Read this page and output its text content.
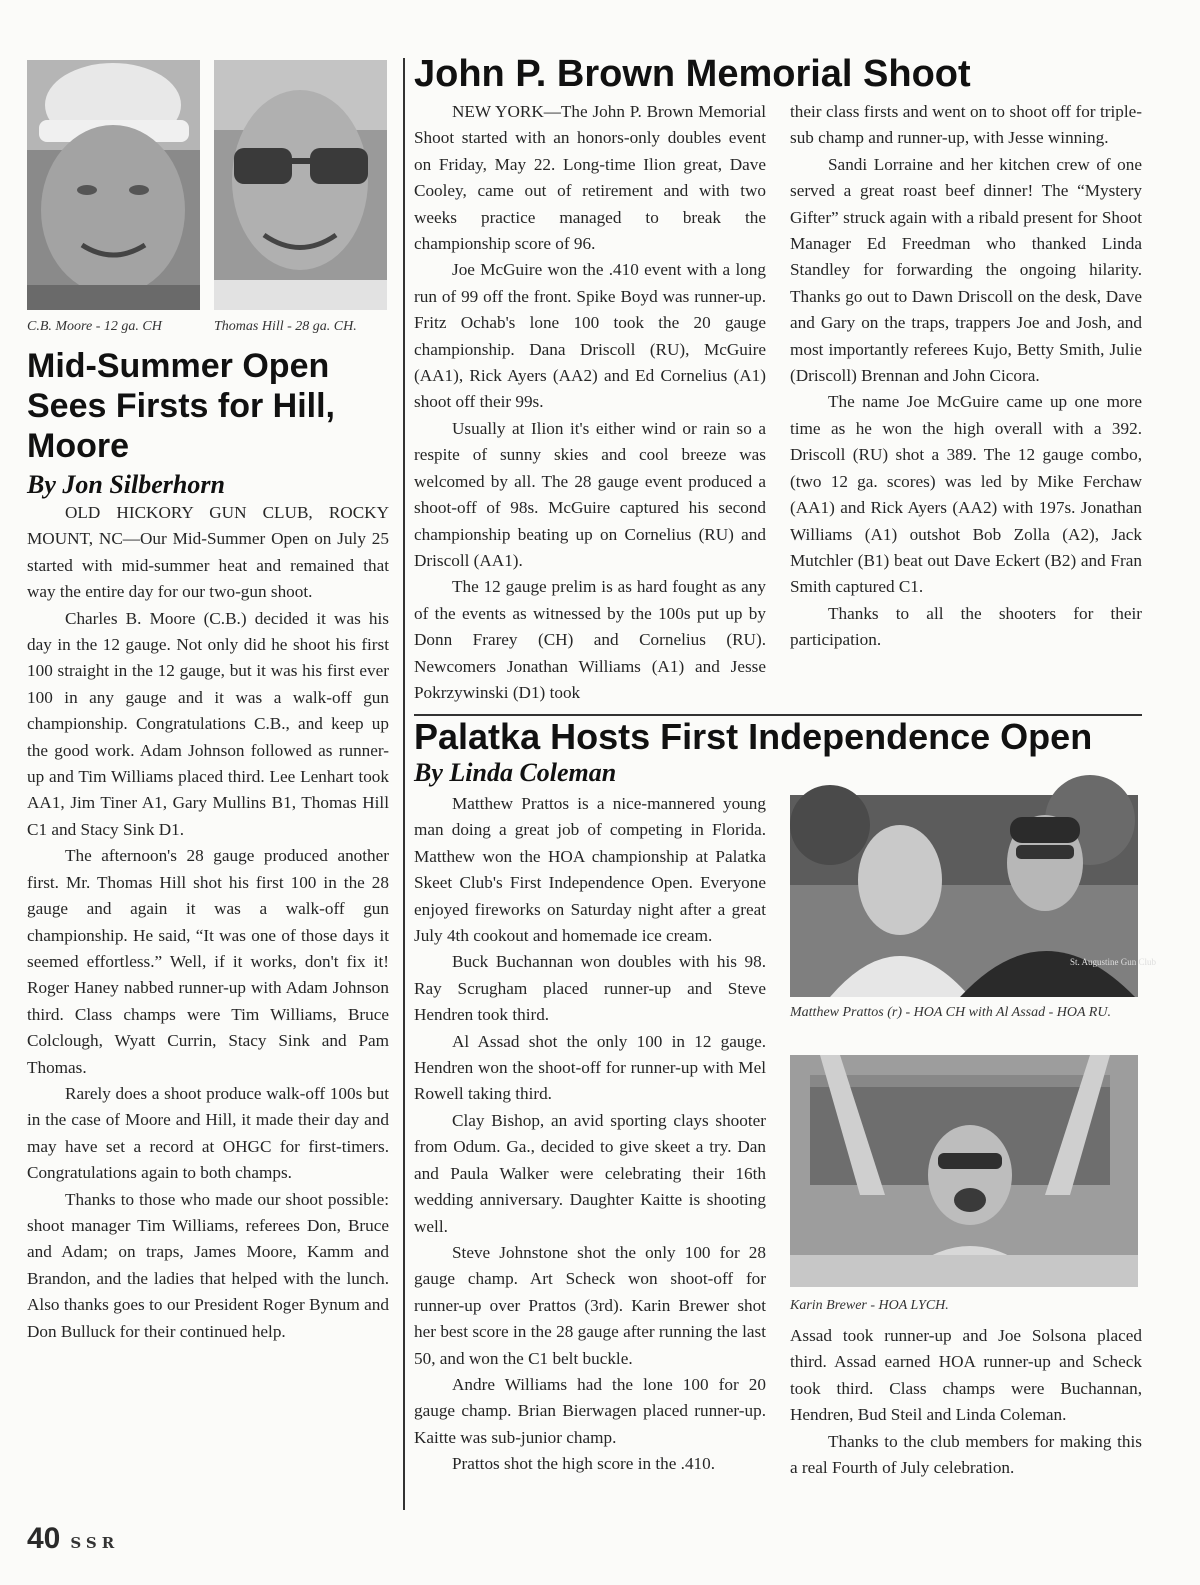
C.B. Moore - 12 ga. CH	Thomas Hill - 28 ga. CH.
Mid-Summer Open Sees Firsts for Hill, Moore
By Jon Silberhorn

OLD HICKORY GUN CLUB, ROCKY MOUNT, NC—Our Mid-Summer Open on July 25 started with mid-summer heat and remained that way the entire day for our two-gun shoot.

Charles B. Moore (C.B.) decided it was his day in the 12 gauge. Not only did he shoot his first 100 straight in the 12 gauge, but it was his first ever 100 in any gauge and it was a walk-off gun championship. Congratulations C.B., and keep up the good work. Adam Johnson followed as runner-up and Tim Williams placed third. Lee Lenhart took AA1, Jim Tiner A1, Gary Mullins B1, Thomas Hill C1 and Stacy Sink D1.

The afternoon's 28 gauge produced another first. Mr. Thomas Hill shot his first 100 in the 28 gauge and again it was a walk-off gun championship. He said, “It was one of those days it seemed effortless.” Well, if it works, don't fix it! Roger Haney nabbed runner-up with Adam Johnson third. Class champs were Tim Williams, Bruce Colclough, Wyatt Currin, Stacy Sink and Pam Thomas.

Rarely does a shoot produce walk-off 100s but in the case of Moore and Hill, it made their day and may have set a record at OHGC for first-timers. Congratulations again to both champs.

Thanks to those who made our shoot possible: shoot manager Tim Williams, referees Don, Bruce and Adam; on traps, James Moore, Kamm and Brandon, and the ladies that helped with the lunch. Also thanks goes to our President Roger Bynum and Don Bulluck for their continued help.

John P. Brown Memorial Shoot

NEW YORK—The John P. Brown Memorial Shoot started with an honors-only doubles event on Friday, May 22. Long-time Ilion great, Dave Cooley, came out of retirement and with two weeks practice managed to break the championship score of 96.

Joe McGuire won the .410 event with a long run of 99 off the front. Spike Boyd was runner-up. Fritz Ochab's lone 100 took the 20 gauge championship. Dana Driscoll (RU), McGuire (AA1), Rick Ayers (AA2) and Ed Cornelius (A1) shoot off their 99s.

Usually at Ilion it's either wind or rain so a respite of sunny skies and cool breeze was welcomed by all. The 28 gauge event produced a shoot-off of 98s. McGuire captured his second championship beating up on Cornelius (RU) and Driscoll (AA1).

The 12 gauge prelim is as hard fought as any of the events as witnessed by the 100s put up by Donn Frarey (CH) and Cornelius (RU). Newcomers Jonathan Williams (A1) and Jesse Pokrzywinski (D1) took

their class firsts and went on to shoot off for triple-sub champ and runner-up, with Jesse winning.

Sandi Lorraine and her kitchen crew of one served a great roast beef dinner! The “Mystery Gifter” struck again with a ribald present for Shoot Manager Ed Freedman who thanked Linda Standley for forwarding the ongoing hilarity. Thanks go out to Dawn Driscoll on the desk, Dave and Gary on the traps, trappers Joe and Josh, and most importantly referees Kujo, Betty Smith, Julie (Driscoll) Brennan and John Cicora.

The name Joe McGuire came up one more time as he won the high overall with a 392. Driscoll (RU) shot a 389. The 12 gauge combo, (two 12 ga. scores) was led by Mike Ferchaw (AA1) and Rick Ayers (AA2) with 197s. Jonathan Williams (A1) outshot Bob Zolla (A2), Jack Mutchler (B1) beat out Dave Eckert (B2) and Fran Smith captured C1.

Thanks to all the shooters for their participation.

Palatka Hosts First Independence Open
By Linda Coleman

Matthew Prattos is a nice-mannered young man doing a great job of competing in Florida. Matthew won the HOA championship at Palatka Skeet Club's First Independence Open. Everyone enjoyed fireworks on Saturday night after a great July 4th cookout and homemade ice cream.

Buck Buchannan won doubles with his 98. Ray Scrugham placed runner-up and Steve Hendren took third.

Al Assad shot the only 100 in 12 gauge. Hendren won the shoot-off for runner-up with Mel Rowell taking third.

Clay Bishop, an avid sporting clays shooter from Odum. Ga., decided to give skeet a try. Dan and Paula Walker were celebrating their 16th wedding anniversary. Daughter Kaitte is shooting well.

Steve Johnstone shot the only 100 for 28 gauge champ. Art Scheck won shoot-off for runner-up over Prattos (3rd). Karin Brewer shot her best score in the 28 gauge after running the last 50, and won the C1 belt buckle.

Andre Williams had the lone 100 for 20 gauge champ. Brian Bierwagen placed runner-up. Kaitte was sub-junior champ.

Prattos shot the high score in the .410.

St. Augustine Gun Club
Matthew Prattos (r) - HOA CH with Al Assad - HOA RU.
Karin Brewer - HOA LYCH.

Assad took runner-up and Joe Solsona placed third. Assad earned HOA runner-up and Scheck took third. Class champs were Buchannan, Hendren, Bud Steil and Linda Coleman.

Thanks to the club members for making this a real Fourth of July celebration.

40 SSR
